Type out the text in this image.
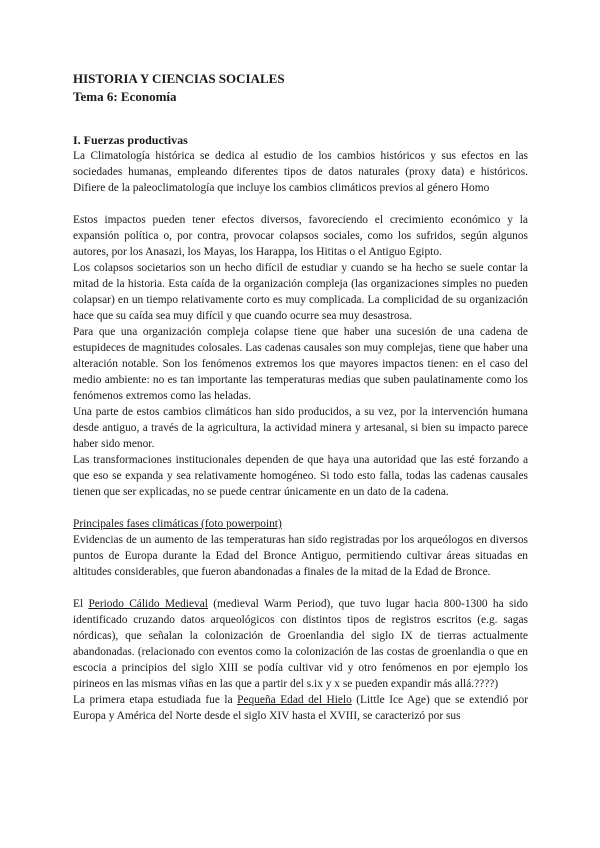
HISTORIA Y CIENCIAS SOCIALES
Tema 6: Economía
I. Fuerzas productivas

La Climatología histórica se dedica al estudio de los cambios históricos y sus efectos en las sociedades humanas, empleando diferentes tipos de datos naturales (proxy data) e históricos. Difiere de la paleoclimatología que incluye los cambios climáticos previos al género Homo

Estos impactos pueden tener efectos diversos, favoreciendo el crecimiento económico y la expansión política o, por contra, provocar colapsos sociales, como los sufridos, según algunos autores, por los Anasazi, los Mayas, los Harappa, los Hititas o el Antiguo Egipto.

Los colapsos societarios son un hecho difícil de estudiar y cuando se ha hecho se suele contar la mitad de la historia. Esta caída de la organización compleja (las organizaciones simples no pueden colapsar) en un tiempo relativamente corto es muy complicada. La complicidad de su organización hace que su caída sea muy difícil y que cuando ocurre sea muy desastrosa.

Para que una organización compleja colapse tiene que haber una sucesión de una cadena de estupideces de magnitudes colosales. Las cadenas causales son muy complejas, tiene que haber una alteración notable. Son los fenómenos extremos los que mayores impactos tienen: en el caso del medio ambiente: no es tan importante las temperaturas medias que suben paulatinamente como los fenómenos extremos como las heladas.

Una parte de estos cambios climáticos han sido producidos, a su vez, por la intervención humana desde antiguo, a través de la agricultura, la actividad minera y artesanal, si bien su impacto parece haber sido menor.

Las transformaciones institucionales dependen de que haya una autoridad que las esté forzando a que eso se expanda y sea relativamente homogéneo. Si todo esto falla, todas las cadenas causales tienen que ser explicadas, no se puede centrar únicamente en un dato de la cadena.

Principales fases climáticas (foto powerpoint)

Evidencias de un aumento de las temperaturas han sido registradas por los arqueólogos en diversos puntos de Europa durante la Edad del Bronce Antiguo, permitiendo cultivar áreas situadas en altitudes considerables, que fueron abandonadas a finales de la mitad de la Edad de Bronce.

El Periodo Cálido Medieval (medieval Warm Period), que tuvo lugar hacia 800-1300 ha sido identificado cruzando datos arqueológicos con distintos tipos de registros escritos (e.g. sagas nórdicas), que señalan la colonización de Groenlandia del siglo IX de tierras actualmente abandonadas. (relacionado con eventos como la colonización de las costas de groenlandia o que en escocia a principios del siglo XIII se podía cultivar vid y otro fenómenos en por ejemplo los pirineos en las mismas viñas en las que a partir del s.ix y x se pueden expandir más allá.????)

La primera etapa estudiada fue la Pequeña Edad del Hielo (Little Ice Age) que se extendió por Europa y América del Norte desde el siglo XIV hasta el XVIII, se caracterizó por sus
